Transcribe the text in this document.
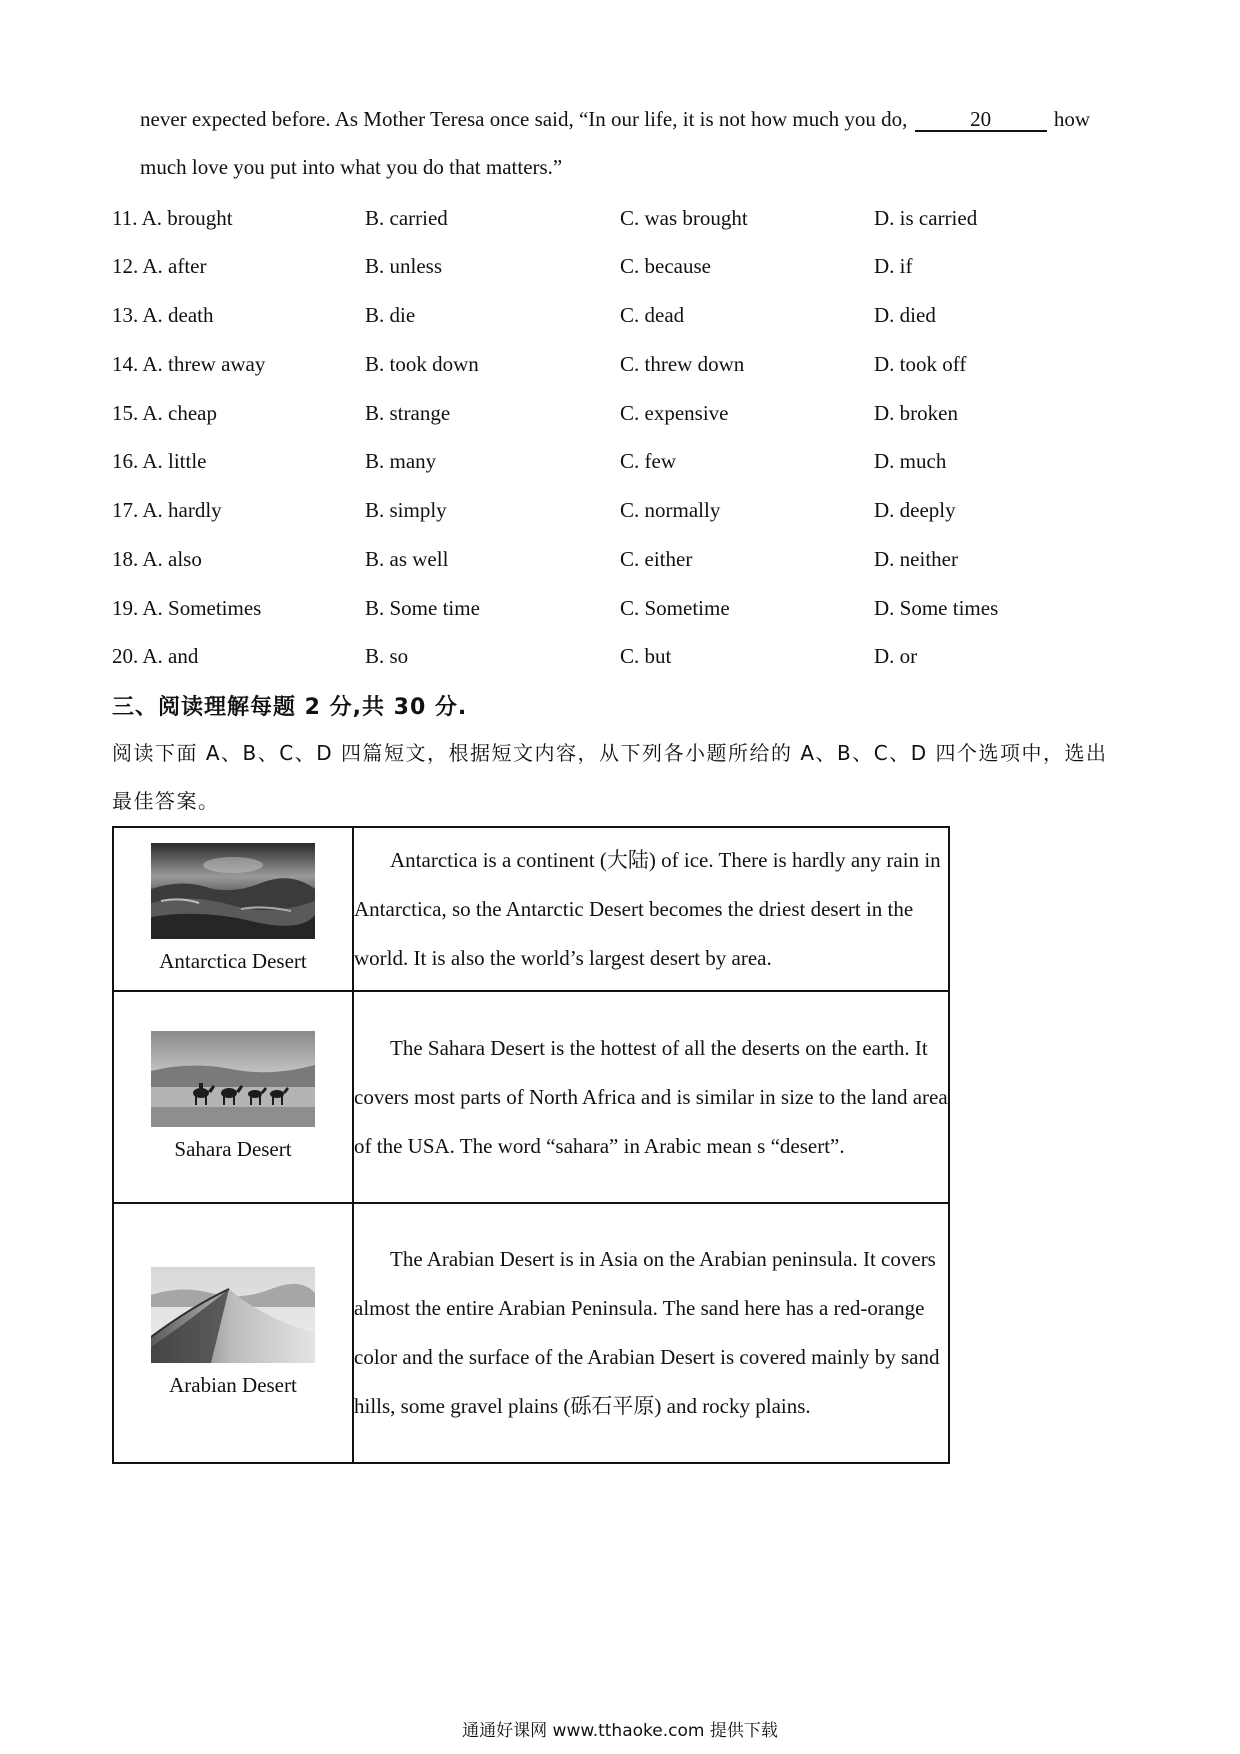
never expected before. As Mother Teresa once said, “In our life, it is not how much you do,	20	how
much love you put into what you do that matters.”
11. A. brought	B. carried	C. was brought	D. is carried
12. A. after	B. unless	C. because	D. if
13. A. death	B. die	C. dead	D. died
14. A. threw away	B. took down	C. threw down	D. took off
15. A. cheap	B. strange	C. expensive	D. broken
16. A. little	B. many	C. few	D. much
17. A. hardly	B. simply	C. normally	D. deeply
18. A. also	B. as well	C. either	D. neither
19. A. Sometimes	B. Some time	C. Sometime	D. Some times
20. A. and	B. so	C. but	D. or
三、阅读理解每题 2 分,共 30 分.
阅读下面 A、B、C、D 四篇短文，根据短文内容，从下列各小题所给的 A、B、C、D 四个选项中，选出
最佳答案。
Antarctica Desert	Antarctica is a continent (大陆) of ice. There is hardly any rain in Antarctica, so the Antarctic Desert becomes the driest desert in the world. It is also the world’s largest desert by area.

Sahara Desert	The Sahara Desert is the hottest of all the deserts on the earth. It covers most parts of North Africa and is similar in size to the land area of the USA. The word “sahara” in Arabic mean s “desert”.

Arabian Desert	The Arabian Desert is in Asia on the Arabian peninsula. It covers almost the entire Arabian Peninsula. The sand here has a red-orange color and the surface of the Arabian Desert is covered mainly by sand hills, some gravel plains (砾石平原) and rocky plains.
通通好课网 www.tthaoke.com 提供下载
